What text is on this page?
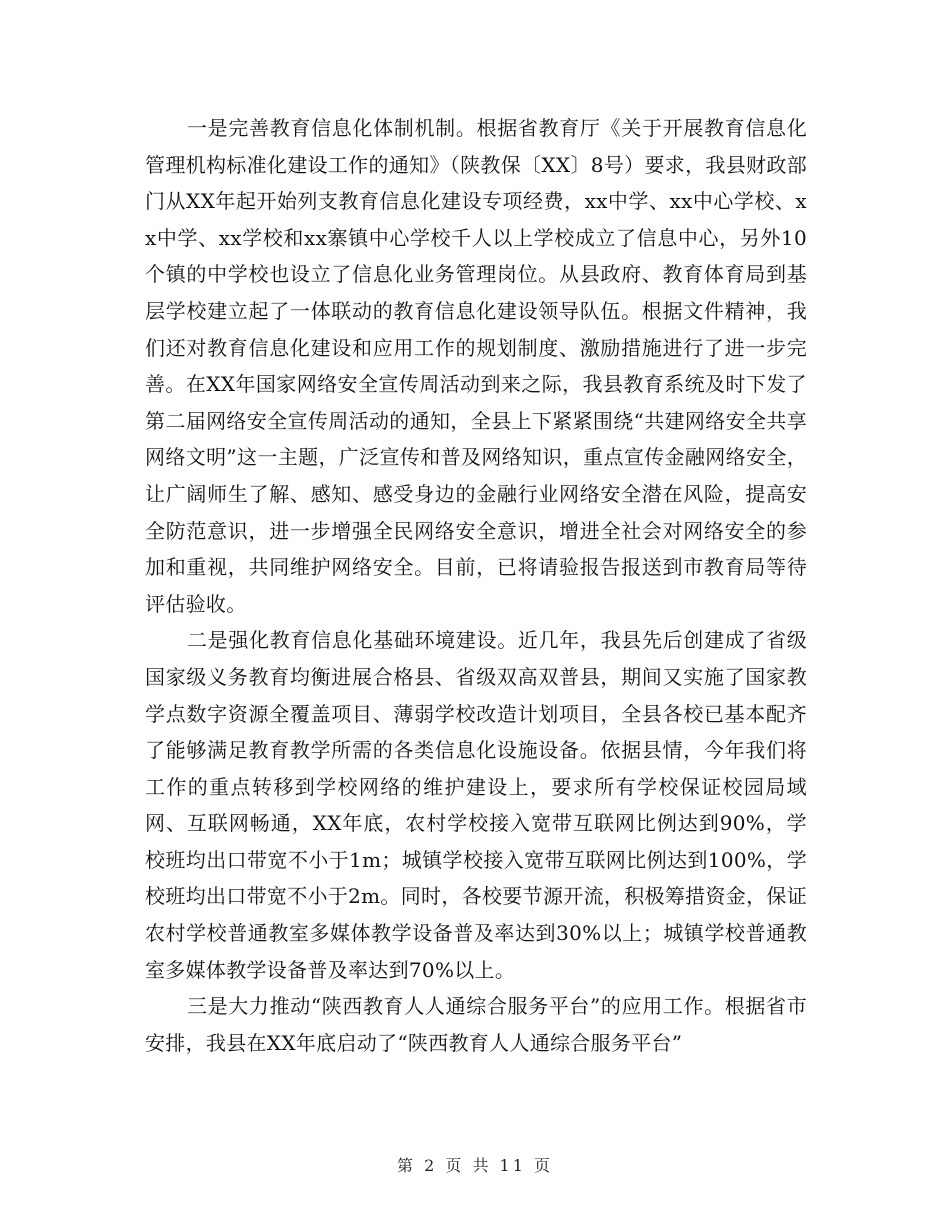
一是完善教育信息化体制机制。根据省教育厅《关于开展教育信息化管理机构标准化建设工作的通知》（陕教保〔XX〕8号）要求，我县财政部门从XX年起开始列支教育信息化建设专项经费，xx中学、xx中心学校、xx中学、xx学校和xx寨镇中心学校千人以上学校成立了信息中心，另外10个镇的中学校也设立了信息化业务管理岗位。从县政府、教育体育局到基层学校建立起了一体联动的教育信息化建设领导队伍。根据文件精神，我们还对教育信息化建设和应用工作的规划制度、激励措施进行了进一步完善。在XX年国家网络安全宣传周活动到来之际，我县教育系统及时下发了第二届网络安全宣传周活动的通知，全县上下紧紧围绕“共建网络安全共享网络文明”这一主题，广泛宣传和普及网络知识，重点宣传金融网络安全，让广阔师生了解、感知、感受身边的金融行业网络安全潜在风险，提高安全防范意识，进一步增强全民网络安全意识，增进全社会对网络安全的参加和重视，共同维护网络安全。目前，已将请验报告报送到市教育局等待评估验收。

二是强化教育信息化基础环境建设。近几年，我县先后创建成了省级国家级义务教育均衡进展合格县、省级双高双普县，期间又实施了国家教学点数字资源全覆盖项目、薄弱学校改造计划项目，全县各校已基本配齐了能够满足教育教学所需的各类信息化设施设备。依据县情，今年我们将工作的重点转移到学校网络的维护建设上，要求所有学校保证校园局域网、互联网畅通，XX年底，农村学校接入宽带互联网比例达到90%，学校班均出口带宽不小于1m；城镇学校接入宽带互联网比例达到100%，学校班均出口带宽不小于2m。同时，各校要节源开流，积极筹措资金，保证农村学校普通教室多媒体教学设备普及率达到30%以上；城镇学校普通教室多媒体教学设备普及率达到70%以上。

三是大力推动“陕西教育人人通综合服务平台”的应用工作。根据省市安排，我县在XX年底启动了“陕西教育人人通综合服务平台”

第 2 页 共 11 页
